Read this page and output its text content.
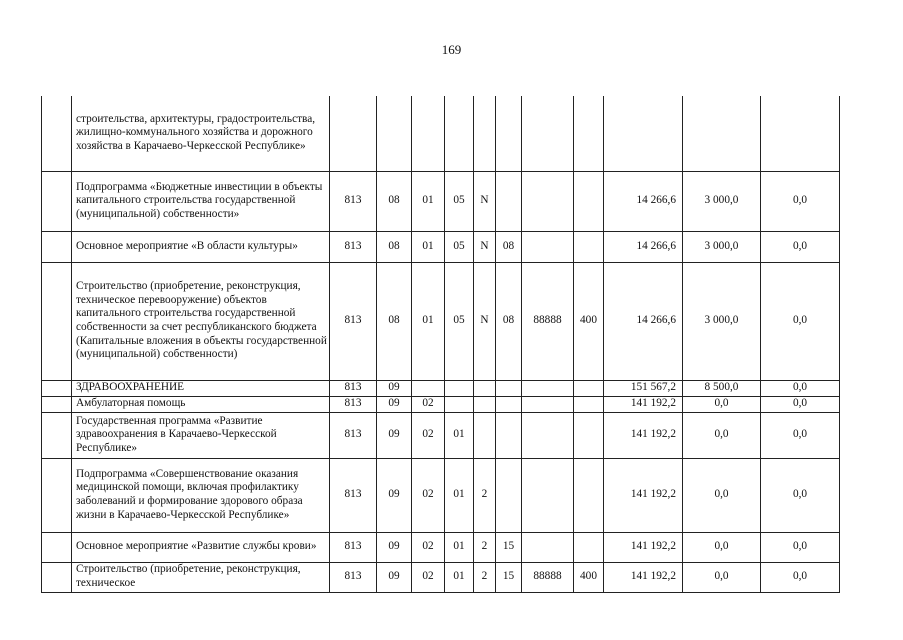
169
	строительства, архитектуры, градостроительства, жилищно-коммунального хозяйства и дорожного хозяйства в Карачаево-Черкесской Республике»											
	Подпрограмма «Бюджетные инвестиции в объекты капитального строительства государственной (муниципальной) собственности»	813	08	01	05	N				14 266,6	3 000,0	0,0
	Основное мероприятие «В области культуры»	813	08	01	05	N	08			14 266,6	3 000,0	0,0
	Строительство (приобретение, реконструкция, техническое перевооружение) объектов капитального строительства государственной собственности за счет республиканского бюджета (Капитальные вложения в объекты государственной (муниципальной) собственности)	813	08	01	05	N	08	88888	400	14 266,6	3 000,0	0,0
	ЗДРАВООХРАНЕНИЕ	813	09							151 567,2	8 500,0	0,0
	Амбулаторная помощь	813	09	02						141 192,2	0,0	0,0
	Государственная программа «Развитие здравоохранения в Карачаево-Черкесской Республике»	813	09	02	01					141 192,2	0,0	0,0
	Подпрограмма «Совершенствование оказания медицинской помощи, включая профилактику заболеваний и формирование здорового образа жизни в Карачаево-Черкесской Республике»	813	09	02	01	2				141 192,2	0,0	0,0
	Основное мероприятие «Развитие службы крови»	813	09	02	01	2	15			141 192,2	0,0	0,0
	Строительство (приобретение, реконструкция, техническое	813	09	02	01	2	15	88888	400	141 192,2	0,0	0,0
